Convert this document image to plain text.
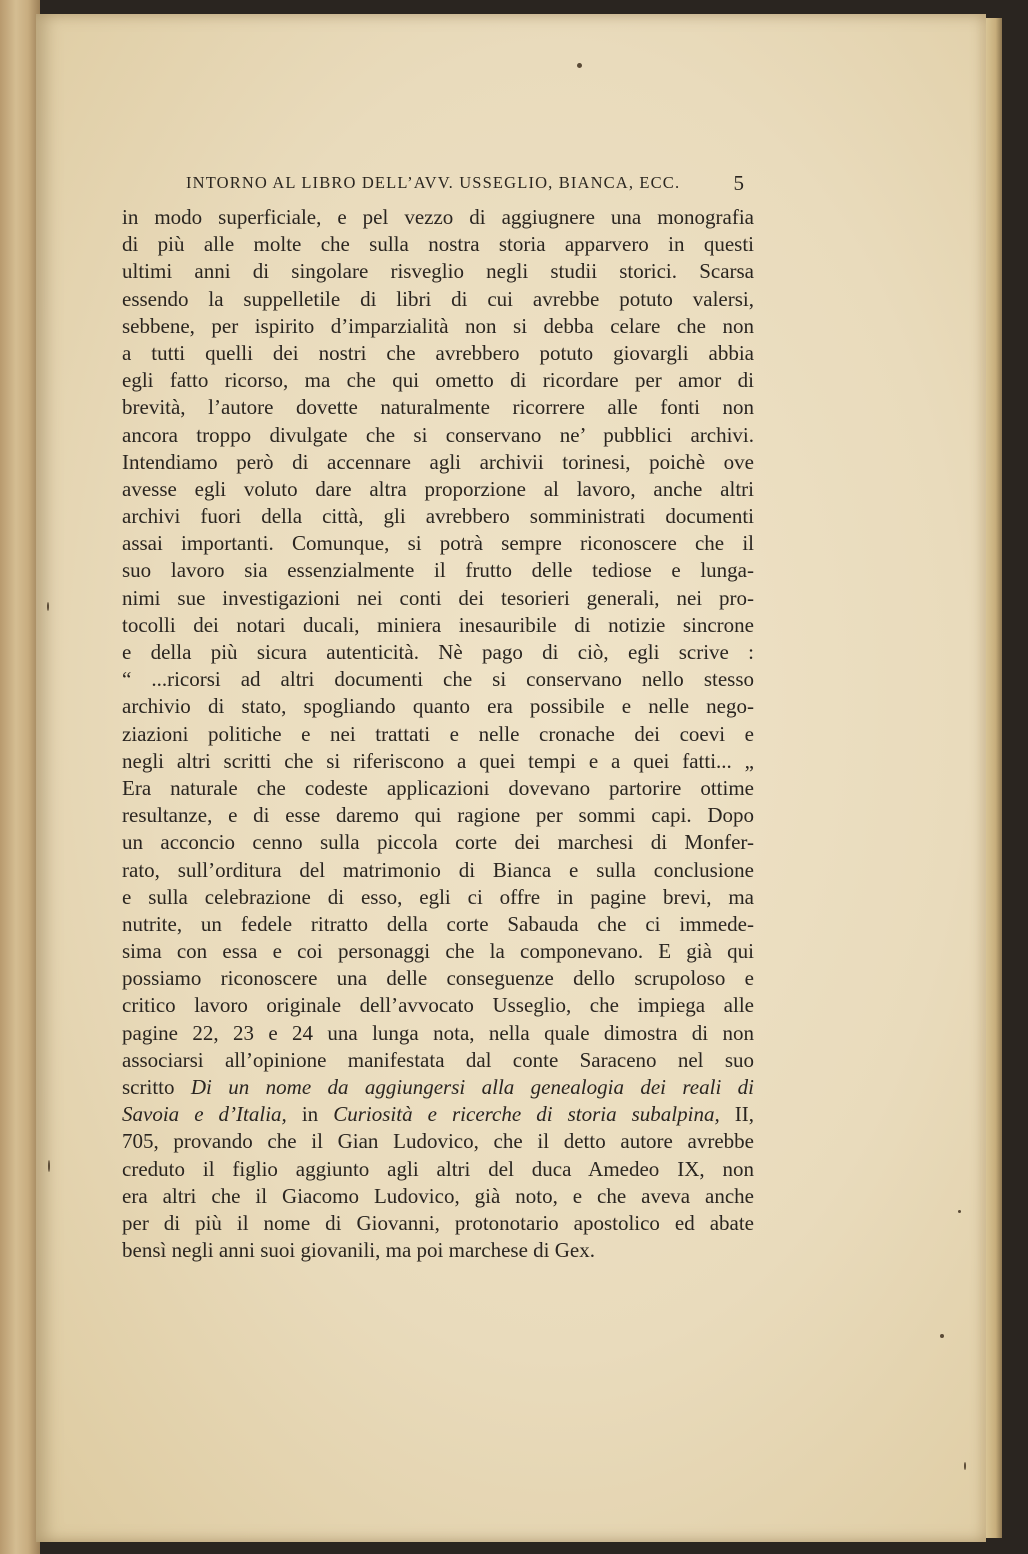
INTORNO AL LIBRO DELL’AVV. USSEGLIO, BIANCA, ECC.	5
in modo superficiale, e pel vezzo di aggiugnere una monografia
di più alle molte che sulla nostra storia apparvero in questi
ultimi anni di singolare risveglio negli studii storici. Scarsa
essendo la suppelletile di libri di cui avrebbe potuto valersi,
sebbene, per ispirito d’imparzialità non si debba celare che non
a tutti quelli dei nostri che avrebbero potuto giovargli abbia
egli fatto ricorso, ma che qui ometto di ricordare per amor di
brevità, l’autore dovette naturalmente ricorrere alle fonti non
ancora troppo divulgate che si conservano ne’ pubblici archivi.
Intendiamo però di accennare agli archivii torinesi, poichè ove
avesse egli voluto dare altra proporzione al lavoro, anche altri
archivi fuori della città, gli avrebbero somministrati documenti
assai importanti. Comunque, si potrà sempre riconoscere che il
suo lavoro sia essenzialmente il frutto delle tediose e lunga-
nimi sue investigazioni nei conti dei tesorieri generali, nei pro-
tocolli dei notari ducali, miniera inesauribile di notizie sincrone
e della più sicura autenticità. Nè pago di ciò, egli scrive :
“ ...ricorsi ad altri documenti che si conservano nello stesso
archivio di stato, spogliando quanto era possibile e nelle nego-
ziazioni politiche e nei trattati e nelle cronache dei coevi e
negli altri scritti che si riferiscono a quei tempi e a quei fatti... „
Era naturale che codeste applicazioni dovevano partorire ottime
resultanze, e di esse daremo qui ragione per sommi capi. Dopo
un acconcio cenno sulla piccola corte dei marchesi di Monfer-
rato, sull’orditura del matrimonio di Bianca e sulla conclusione
e sulla celebrazione di esso, egli ci offre in pagine brevi, ma
nutrite, un fedele ritratto della corte Sabauda che ci immede-
sima con essa e coi personaggi che la componevano. E già qui
possiamo riconoscere una delle conseguenze dello scrupoloso e
critico lavoro originale dell’avvocato Usseglio, che impiega alle
pagine 22, 23 e 24 una lunga nota, nella quale dimostra di non
associarsi all’opinione manifestata dal conte Saraceno nel suo
scritto Di un nome da aggiungersi alla genealogia dei reali di
Savoia e d’Italia, in Curiosità e ricerche di storia subalpina, II,
705, provando che il Gian Ludovico, che il detto autore avrebbe
creduto il figlio aggiunto agli altri del duca Amedeo IX, non
era altri che il Giacomo Ludovico, già noto, e che aveva anche
per di più il nome di Giovanni, protonotario apostolico ed abate
bensì negli anni suoi giovanili, ma poi marchese di Gex.
